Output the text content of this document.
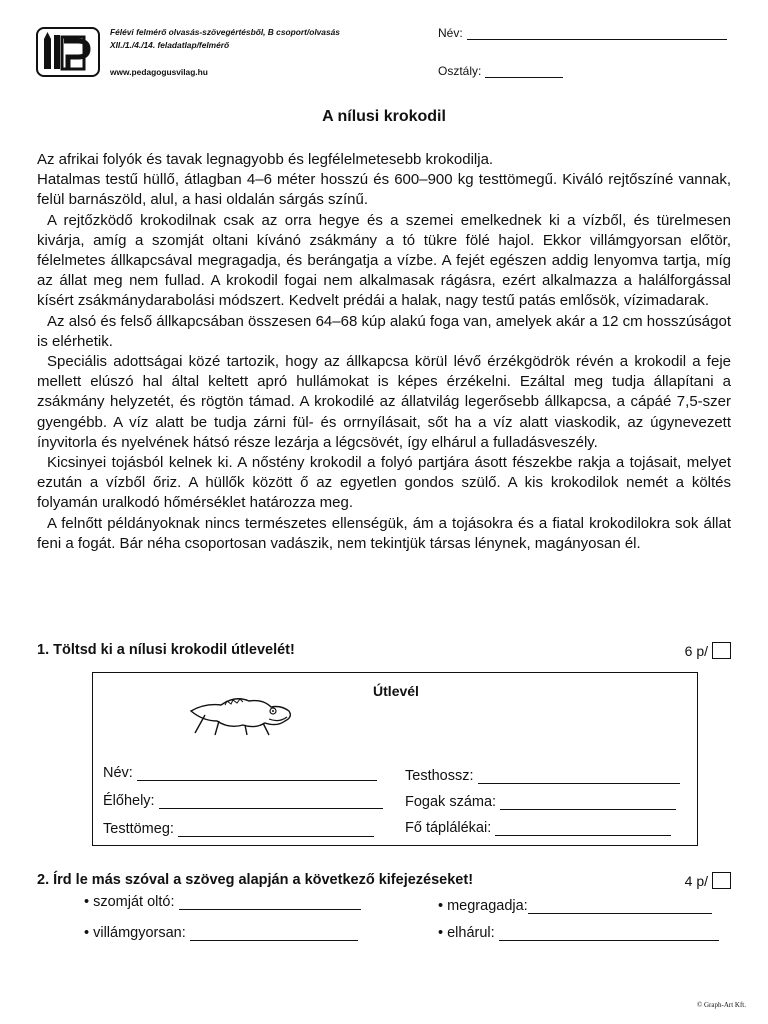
Félévi felmérő olvasás-szövegértésből, B csoport/olvasás
XII./1./4./14. feladatlap/felmérő
www.pedagogusvilag.hu
Név:
Osztály:
A nílusi krokodil

Az afrikai folyók és tavak legnagyobb és legfélelmetesebb krokodilja.

Hatalmas testű hüllő, átlagban 4–6 méter hosszú és 600–900 kg testtömegű. Kiváló rejtőszíné vannak, felül barnászöld, alul, a hasi oldalán sárgás színű.

A rejtőzködő krokodilnak csak az orra hegye és a szemei emelkednek ki a vízből, és türelmesen kivárja, amíg a szomját oltani kívánó zsákmány a tó tükre fölé hajol. Ekkor villámgyorsan előtör, félelmetes állkapcsával megragadja, és berángatja a vízbe. A fejét egészen addig lenyomva tartja, míg az állat meg nem fullad. A krokodil fogai nem alkalmasak rágásra, ezért alkalmazza a halálforgással kísért zsákmánydarabolási módszert. Kedvelt prédái a halak, nagy testű patás emlősök, vízimadarak.

Az alsó és felső állkapcsában összesen 64–68 kúp alakú foga van, amelyek akár a 12 cm hosszúságot is elérhetik.

Speciális adottságai közé tartozik, hogy az állkapcsa körül lévő érzékgödrök révén a krokodil a feje mellett elúszó hal által keltett apró hullámokat is képes érzékelni. Ezáltal meg tudja állapítani a zsákmány helyzetét, és rögtön támad. A krokodilé az állatvilág legerősebb állkapcsa, a cápáé 7,5-szer gyengébb. A víz alatt be tudja zárni fül- és orrnyílásait, sőt ha a víz alatt viaskodik, az úgynevezett ínyvitorla és nyelvének hátsó része lezárja a légcsövét, így elhárul a fulladásveszély.

Kicsinyei tojásból kelnek ki. A nőstény krokodil a folyó partjára ásott fészekbe rakja a tojásait, melyet ezután a vízből őriz. A hüllők között ő az egyetlen gondos szülő. A kis krokodilok nemét a költés folyamán uralkodó hőmérséklet határozza meg.

A felnőtt példányoknak nincs természetes ellenségük, ám a tojásokra és a fiatal krokodilokra sok állat feni a fogát. Bár néha csoportosan vadászik, nem tekintjük társas lénynek, magányosan él.

1. Töltsd ki a nílusi krokodil útlevelét!	6 p/
Útlevél
Név:
Élőhely:
Testtömeg:
Testhossz:
Fogak száma:
Fő táplálékai:
2. Írd le más szóval a szöveg alapján a következő kifejezéseket!	4 p/
• szomját oltó:
• villámgyorsan:
• megragadja:
• elhárul:
© Graph-Art Kft.
